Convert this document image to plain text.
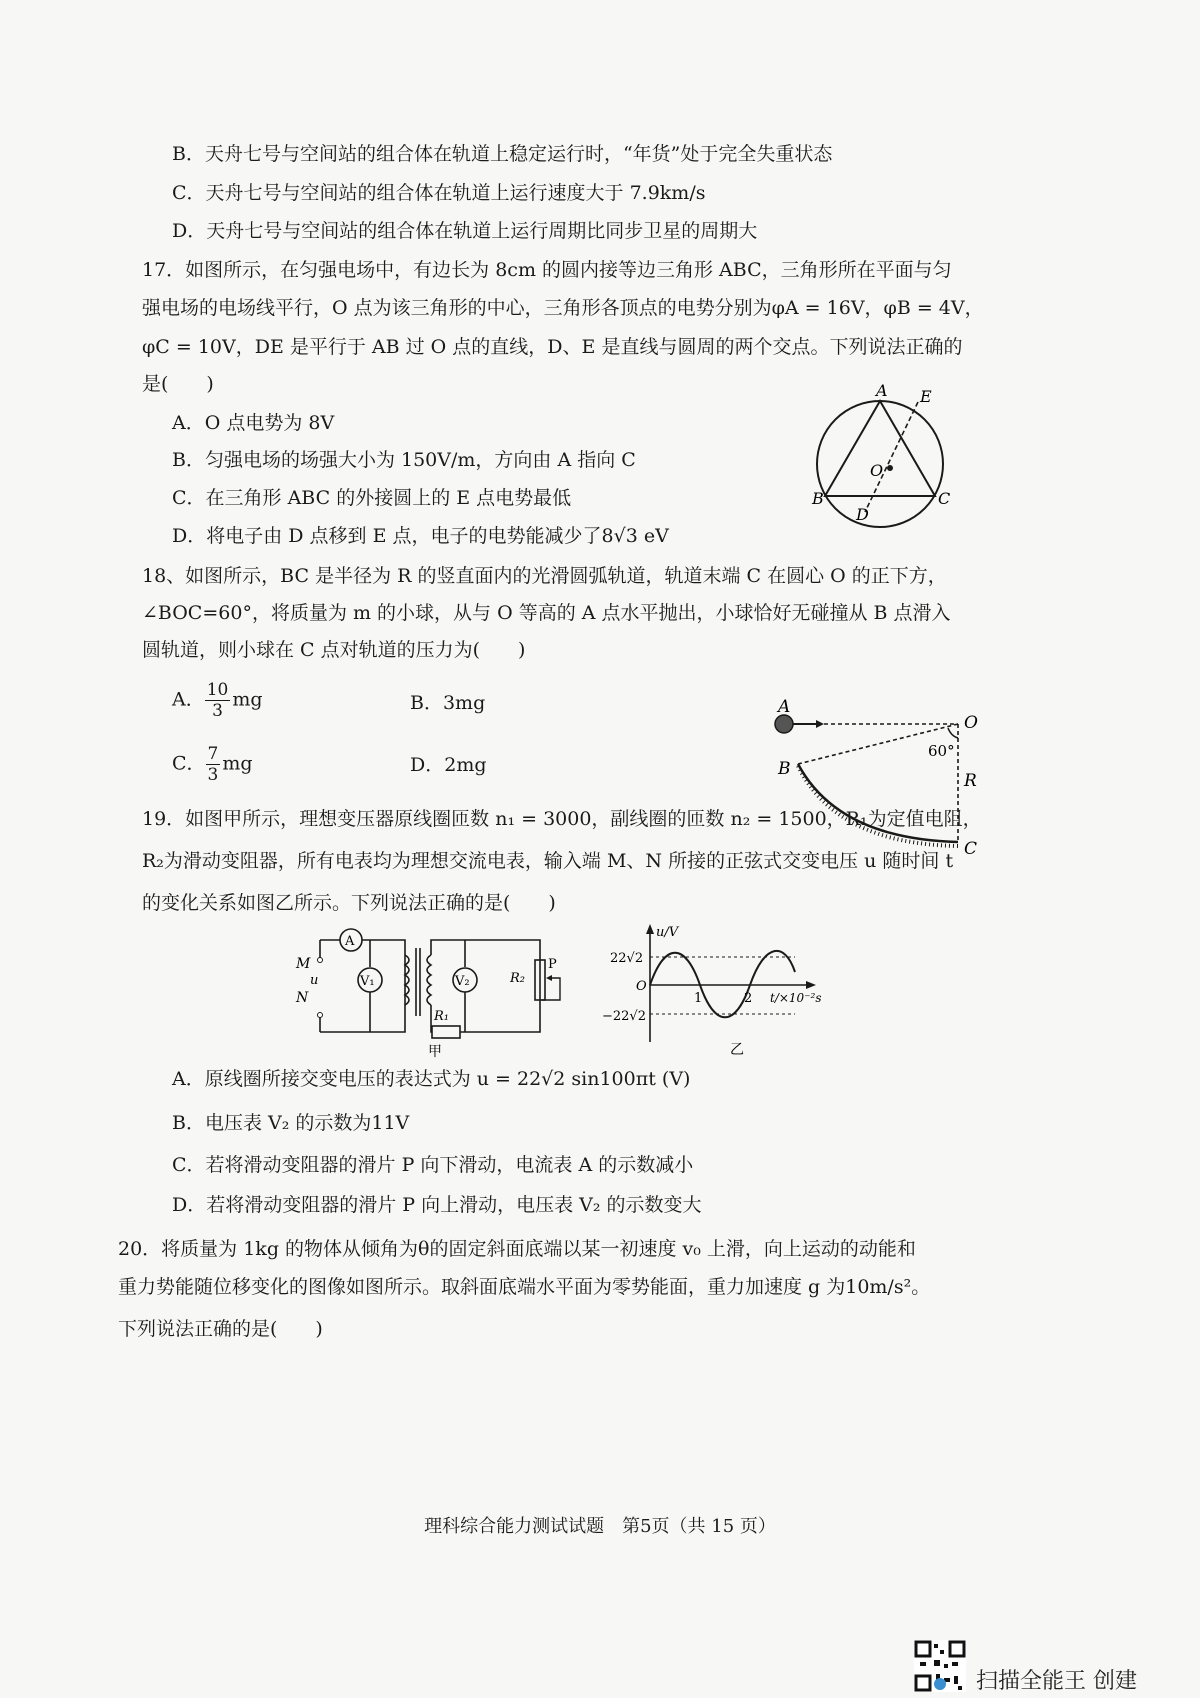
B．天舟七号与空间站的组合体在轨道上稳定运行时，“年货”处于完全失重状态
C．天舟七号与空间站的组合体在轨道上运行速度大于 7.9km/s
D．天舟七号与空间站的组合体在轨道上运行周期比同步卫星的周期大
17．如图所示，在匀强电场中，有边长为 8cm 的圆内接等边三角形 ABC，三角形所在平面与匀
强电场的电场线平行，O 点为该三角形的中心，三角形各顶点的电势分别为φA = 16V，φB = 4V，
φC = 10V，DE 是平行于 AB 过 O 点的直线，D、E 是直线与圆周的两个交点。下列说法正确的
是(　　)
A．O 点电势为 8V
B．匀强电场的场强大小为 150V/m，方向由 A 指向 C
C．在三角形 ABC 的外接圆上的 E 点电势最低
D．将电子由 D 点移到 E 点，电子的电势能减少了8√3 eV
A E
O
B	C
D
18、如图所示，BC 是半径为 R 的竖直面内的光滑圆弧轨道，轨道末端 C 在圆心 O 的正下方，
∠BOC=60°，将质量为 m 的小球，从与 O 等高的 A 点水平抛出，小球恰好无碰撞从 B 点滑入
圆轨道，则小球在 C 点对轨道的压力为(　　)
A． $\frac{10}{3}$ mg	B．3mg
C． $\frac{7}{3}$ mg	D．2mg
A
O
60°
R
B
C
19．如图甲所示，理想变压器原线圈匝数 n₁ = 3000，副线圈的匝数 n₂ = 1500，R₁为定值电阻，
R₂为滑动变阻器，所有电表均为理想交流电表，输入端 M、N 所接的正弦式交变电压 u 随时间 t
的变化关系如图乙所示。下列说法正确的是(　　)
A
V₁
R₁
V₂	R₂
P
M
u
N
甲
u/V
22√2
O
−22√2
1	2 t/×10⁻²s
乙
A．原线圈所接交变电压的表达式为 u = 22√2 sin100πt (V)
B．电压表 V₂ 的示数为11V
C．若将滑动变阻器的滑片 P 向下滑动，电流表 A 的示数减小
D．若将滑动变阻器的滑片 P 向上滑动，电压表 V₂ 的示数变大
20．将质量为 1kg 的物体从倾角为θ的固定斜面底端以某一初速度 v₀ 上滑，向上运动的动能和
重力势能随位移变化的图像如图所示。取斜面底端水平面为零势能面，重力加速度 g 为10m/s²。
下列说法正确的是(　　)
理科综合能力测试试题　第5页（共 15 页）
扫描全能王 创建
